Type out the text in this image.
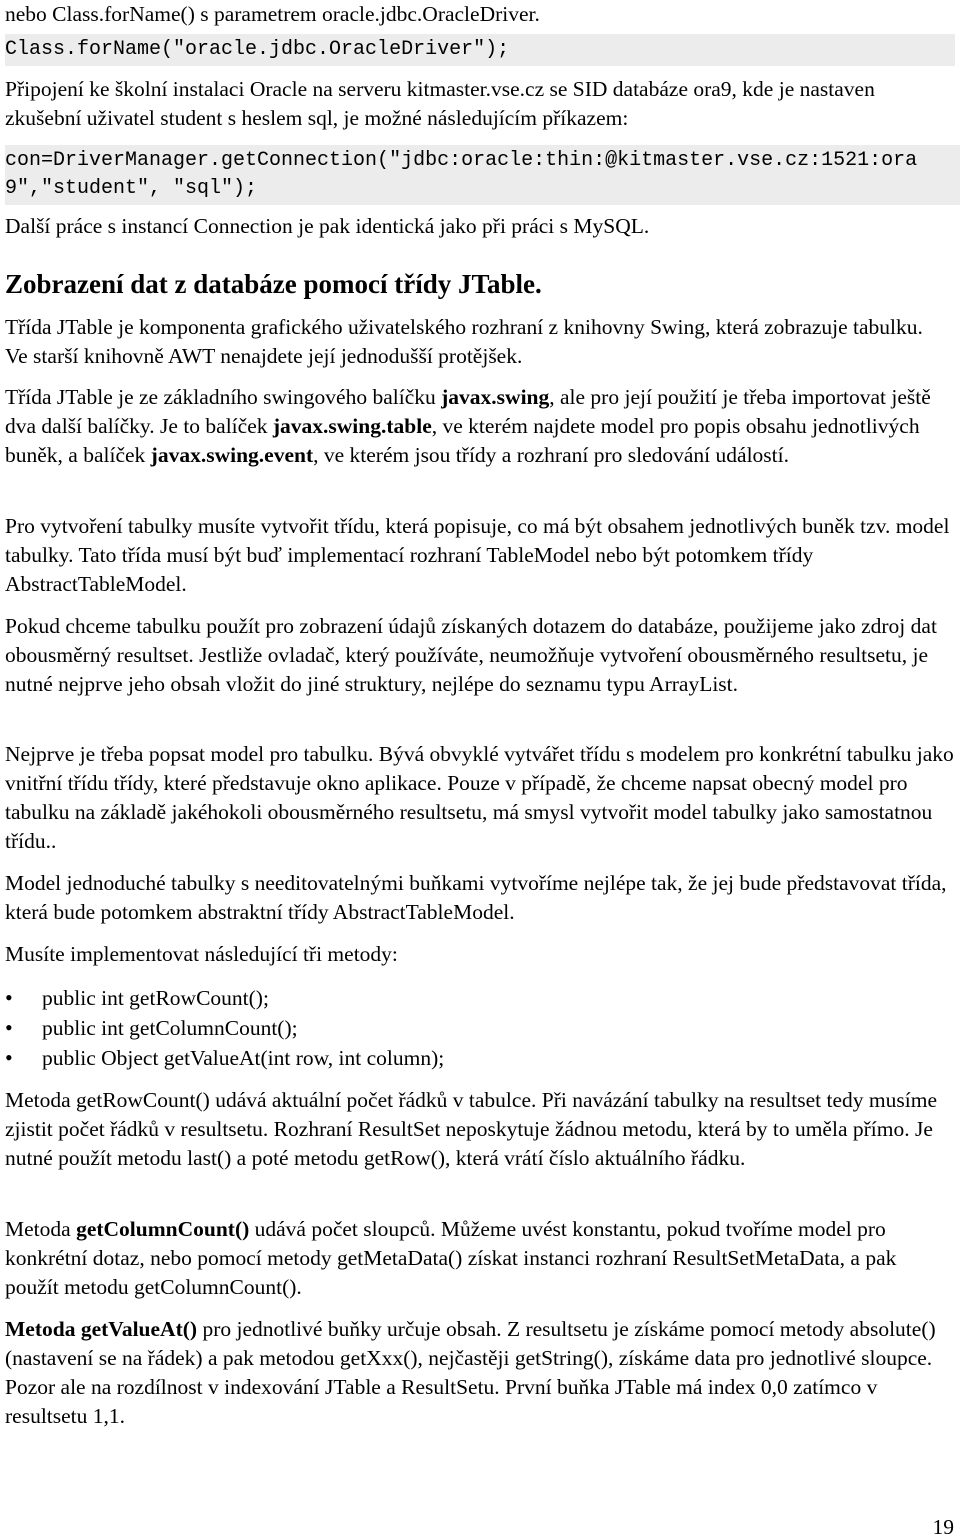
nebo Class.forName() s parametrem oracle.jdbc.OracleDriver.

Class.forName("oracle.jdbc.OracleDriver");

Připojení ke školní instalaci Oracle na serveru kitmaster.vse.cz se SID databáze ora9, kde je nastaven zkušební uživatel student s heslem sql, je možné následujícím příkazem:

con=DriverManager.getConnection("jdbc:oracle:thin:@kitmaster.vse.cz:1521:ora9","student", "sql");

Další práce s instancí Connection je pak identická jako při práci s MySQL.

Zobrazení dat z databáze pomocí třídy JTable.

Třída JTable je komponenta grafického uživatelského rozhraní z knihovny Swing, která zobrazuje tabulku. Ve starší knihovně AWT nenajdete její jednodušší protějšek.

Třída JTable je ze základního swingového balíčku javax.swing, ale pro její použití je třeba importovat ještě dva další balíčky. Je to balíček javax.swing.table, ve kterém najdete model pro popis obsahu jednotlivých buněk, a balíček javax.swing.event, ve kterém jsou třídy a rozhraní pro sledování událostí.

Pro vytvoření tabulky musíte vytvořit třídu, která popisuje, co má být obsahem jednotlivých buněk tzv. model tabulky. Tato třída musí být buď implementací rozhraní TableModel nebo být potomkem třídy AbstractTableModel.

Pokud chceme tabulku použít pro zobrazení údajů získaných dotazem do databáze, použijeme jako zdroj dat obousměrný resultset. Jestliže ovladač, který používáte, neumožňuje vytvoření obousměrného resultsetu, je nutné nejprve jeho obsah vložit do jiné struktury, nejlépe do seznamu typu ArrayList.

Nejprve je třeba popsat model pro tabulku. Bývá obvyklé vytvářet třídu s modelem pro konkrétní tabulku jako vnitřní třídu třídy, které představuje okno aplikace. Pouze v případě, že chceme napsat obecný model pro tabulku na základě jakéhokoli obousměrného resultsetu, má smysl vytvořit model tabulky jako samostatnou třídu..

Model jednoduché tabulky s needitovatelnými buňkami vytvoříme nejlépe tak, že jej bude představovat třída, která bude potomkem abstraktní třídy AbstractTableModel.

Musíte implementovat následující tři metody:

• public int getRowCount();
• public int getColumnCount();
• public Object getValueAt(int row, int column);

Metoda getRowCount() udává aktuální počet řádků v tabulce. Při navázání tabulky na resultset tedy musíme zjistit počet řádků v resultsetu. Rozhraní ResultSet neposkytuje žádnou metodu, která by to uměla přímo. Je nutné použít metodu last() a poté metodu getRow(), která vrátí číslo aktuálního řádku.

Metoda getColumnCount() udává počet sloupců. Můžeme uvést konstantu, pokud tvoříme model pro konkrétní dotaz, nebo pomocí metody getMetaData() získat instanci rozhraní ResultSetMetaData, a pak použít metodu getColumnCount().

Metoda getValueAt() pro jednotlivé buňky určuje obsah. Z resultsetu je získáme pomocí metody absolute() (nastavení se na řádek) a pak metodou getXxx(), nejčastěji getString(), získáme data pro jednotlivé sloupce. Pozor ale na rozdílnost v indexování JTable a ResultSetu. První buňka JTable má index 0,0 zatímco v resultsetu 1,1.

19
